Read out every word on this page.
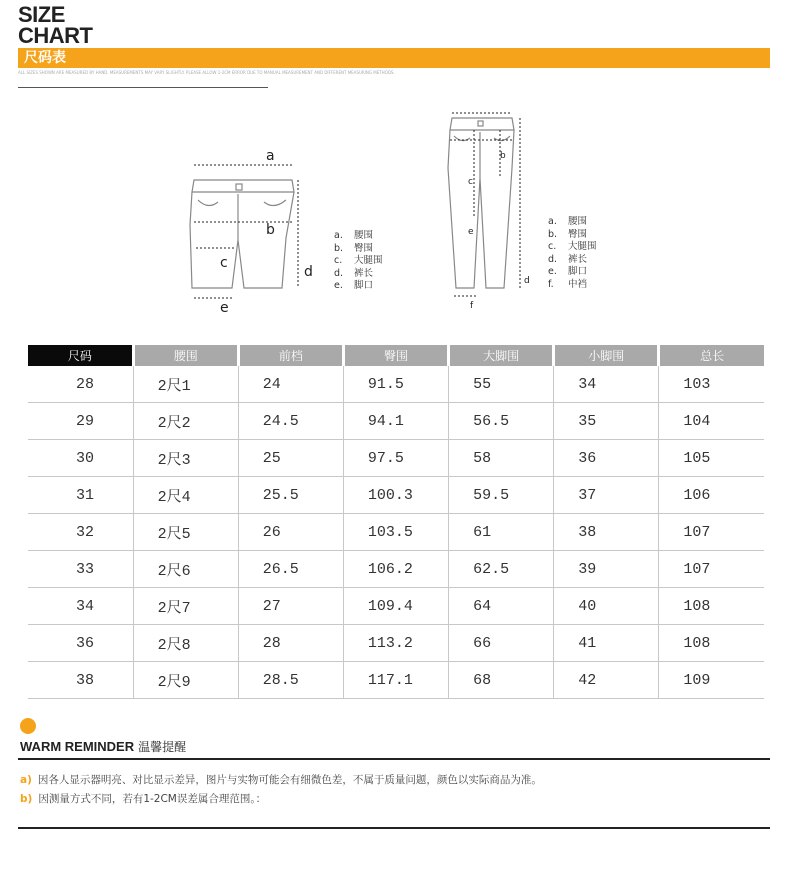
SIZE
CHART
尺码表
ALL SIZES SHOWN ARE MEASURED BY HAND. MEASUREMENTS MAY VARY SLIGHTLY. PLEASE ALLOW 1-2CM ERROR DUE TO MANUAL MEASUREMENT AND DIFFERENT MEASURING METHODS.
a
b
c
d
e
a. 腰围
b. 臀围
c. 大腿围
d. 裤长
e. 脚口
b
c
e
d
f
a. 腰围
b. 臀围
c. 大腿围
d. 裤长
e. 脚口
f. 中裆
尺码	腰围	前档	臀围	大脚围	小脚围	总长
28	2尺1	24	91.5	55	34	103
29	2尺2	24.5	94.1	56.5	35	104
30	2尺3	25	97.5	58	36	105
31	2尺4	25.5	100.3	59.5	37	106
32	2尺5	26	103.5	61	38	107
33	2尺6	26.5	106.2	62.5	39	107
34	2尺7	27	109.4	64	40	108
36	2尺8	28	113.2	66	41	108
38	2尺9	28.5	117.1	68	42	109
WARM REMINDER 温馨提醒
a) 因各人显示器明亮、对比显示差异，图片与实物可能会有细微色差，不属于质量问题，颜色以实际商品为准。
b) 因测量方式不同，若有1-2CM误差属合理范围。：
